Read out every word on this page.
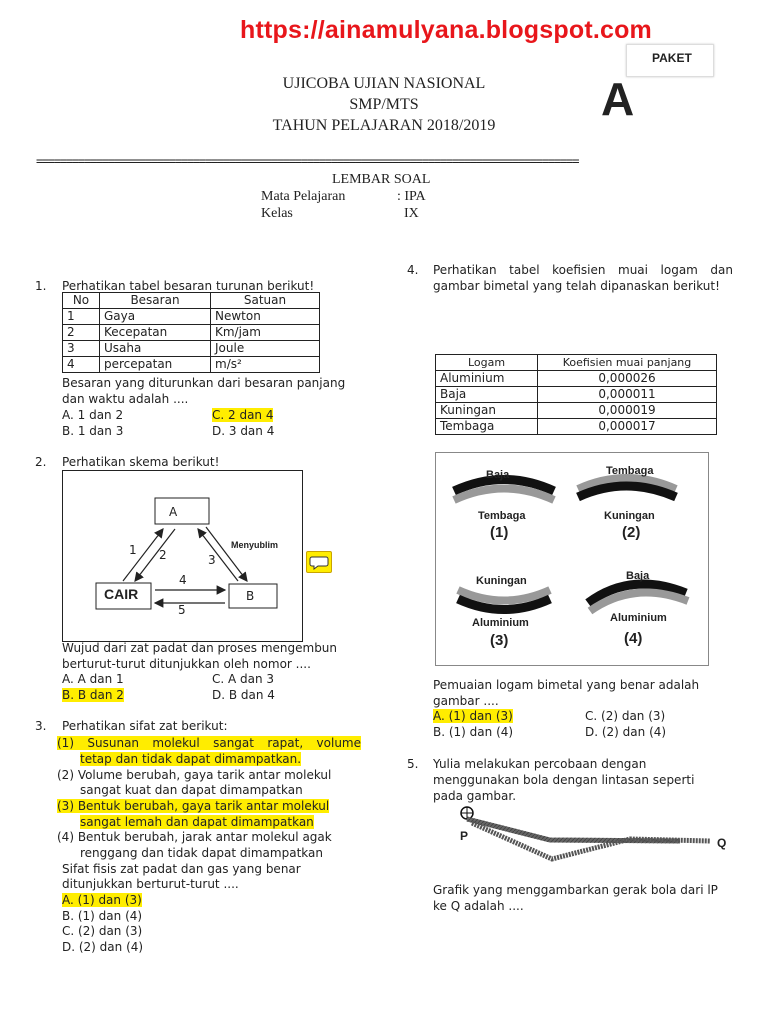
https://ainamulyana.blogspot.com
PAKET
A
UJICOBA UJIAN NASIONAL
SMP/MTS
TAHUN PELAJARAN 2018/2019
==========================================================================================
LEMBAR SOAL
Mata Pelajaran	: IPA
Kelas	IX
1. Perhatikan tabel besaran turunan berikut!
No	Besaran	Satuan
1	Gaya	Newton
2	Kecepatan	Km/jam
3	Usaha	Joule
4	percepatan	m/s²
Besaran yang diturunkan dari besaran panjang
dan waktu adalah ....
A. 1 dan 2	C. 2 dan 4
B. 1 dan 3	D. 3 dan 4
2. Perhatikan skema berikut!
A
CAIR	B
1 2	3
Menyublim
4
5
Wujud dari zat padat dan proses mengembun
berturut-turut ditunjukkan oleh nomor ....
A. A dan 1	C. A dan 3
B. B dan 2	D. B dan 4
3. Perhatikan sifat zat berikut:
(1) Susunan molekul sangat rapat, volume
tetap dan tidak dapat dimampatkan.
(2) Volume berubah, gaya tarik antar molekul
sangat kuat dan dapat dimampatkan
(3) Bentuk berubah, gaya tarik antar molekul
sangat lemah dan dapat dimampatkan
(4) Bentuk berubah, jarak antar molekul agak
renggang dan tidak dapat dimampatkan
Sifat fisis zat padat dan gas yang benar
ditunjukkan berturut-turut ....
A. (1) dan (3)
B. (1) dan (4)
C. (2) dan (3)
D. (2) dan (4)
4. Perhatikan tabel koefisien muai logam dan
gambar bimetal yang telah dipanaskan berikut!
Logam	Koefisien muai panjang
Aluminium	0,000026
Baja	0,000011
Kuningan	0,000019
Tembaga	0,000017
Baja
Tembaga
(1)
Tembaga
Kuningan
(2)
Kuningan
Aluminium
(3)
Baja
Aluminium
(4)
Pemuaian logam bimetal yang benar adalah
gambar ....
A. (1) dan (3)	C. (2) dan (3)
B. (1) dan (4)	D. (2) dan (4)
5. Yulia melakukan percobaan dengan
menggunakan bola dengan lintasan seperti
pada gambar.
P	Q
Grafik yang menggambarkan gerak bola dari lP
ke Q adalah ....
